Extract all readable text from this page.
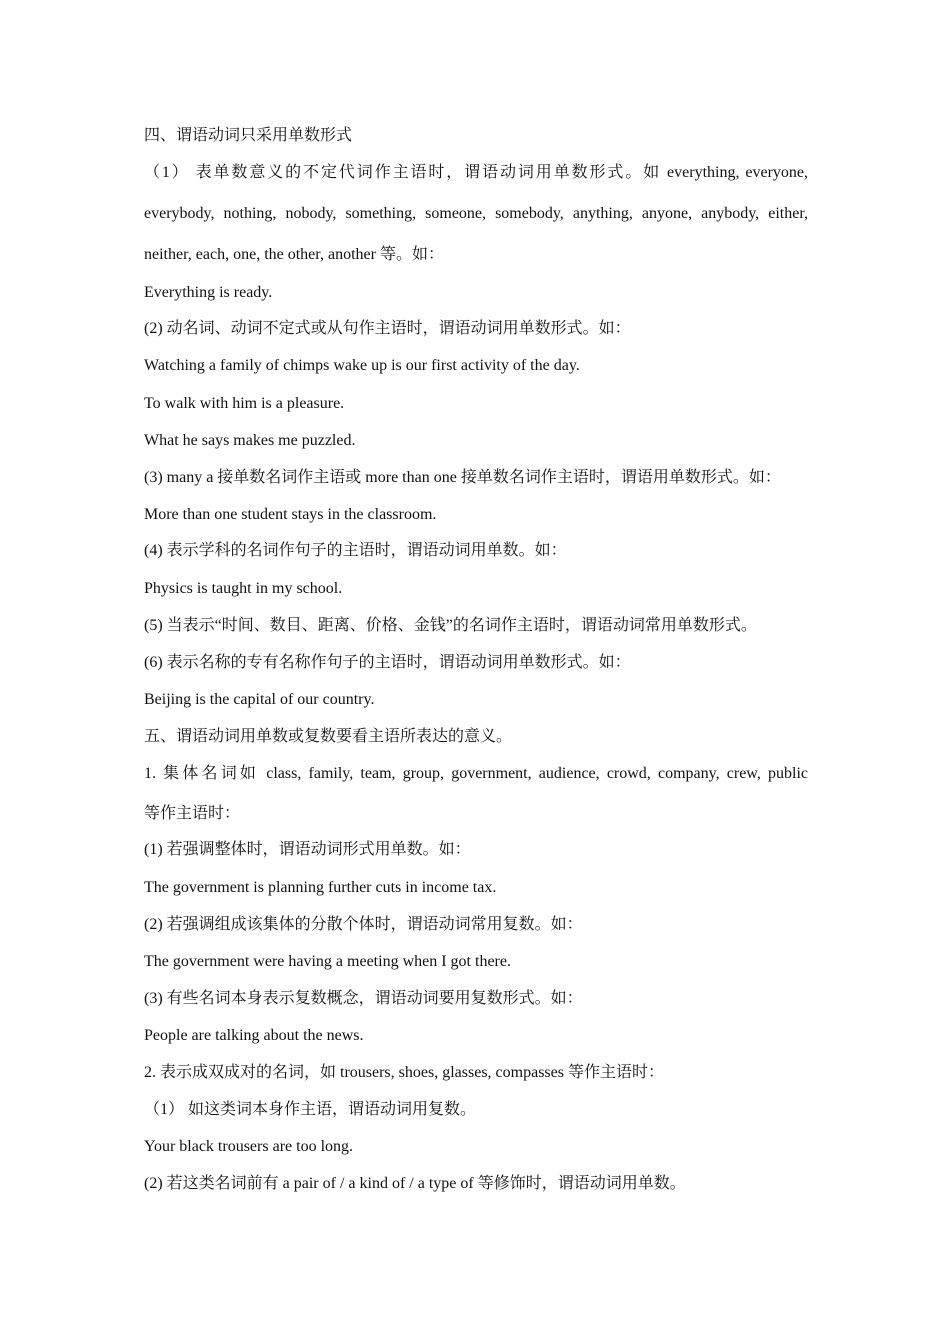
四、谓语动词只采用单数形式
（1） 表单数意义的不定代词作主语时，谓语动词用单数形式。如 everything, everyone,
everybody, nothing, nobody, something, someone, somebody, anything, anyone, anybody, either,
neither, each, one, the other, another 等。如：
Everything is ready.
(2) 动名词、动词不定式或从句作主语时，谓语动词用单数形式。如：
Watching a family of chimps wake up is our first activity of the day.
To walk with him is a pleasure.
What he says makes me puzzled.
(3) many a 接单数名词作主语或 more than one 接单数名词作主语时，谓语用单数形式。如：
More than one student stays in the classroom.
(4) 表示学科的名词作句子的主语时，谓语动词用单数。如：
Physics is taught in my school.
(5) 当表示“时间、数目、距离、价格、金钱”的名词作主语时，谓语动词常用单数形式。
(6) 表示名称的专有名称作句子的主语时，谓语动词用单数形式。如：
Beijing is the capital of our country.
五、谓语动词用单数或复数要看主语所表达的意义。
1. 集体名词如 class, family, team, group, government, audience, crowd, company, crew, public
等作主语时：
(1) 若强调整体时，谓语动词形式用单数。如：
The government is planning further cuts in income tax.
(2) 若强调组成该集体的分散个体时，谓语动词常用复数。如：
The government were having a meeting when I got there.
(3) 有些名词本身表示复数概念，谓语动词要用复数形式。如：
People are talking about the news.
2. 表示成双成对的名词，如 trousers, shoes, glasses, compasses 等作主语时：
（1） 如这类词本身作主语，谓语动词用复数。
Your black trousers are too long.
(2) 若这类名词前有 a pair of / a kind of / a type of 等修饰时，谓语动词用单数。
